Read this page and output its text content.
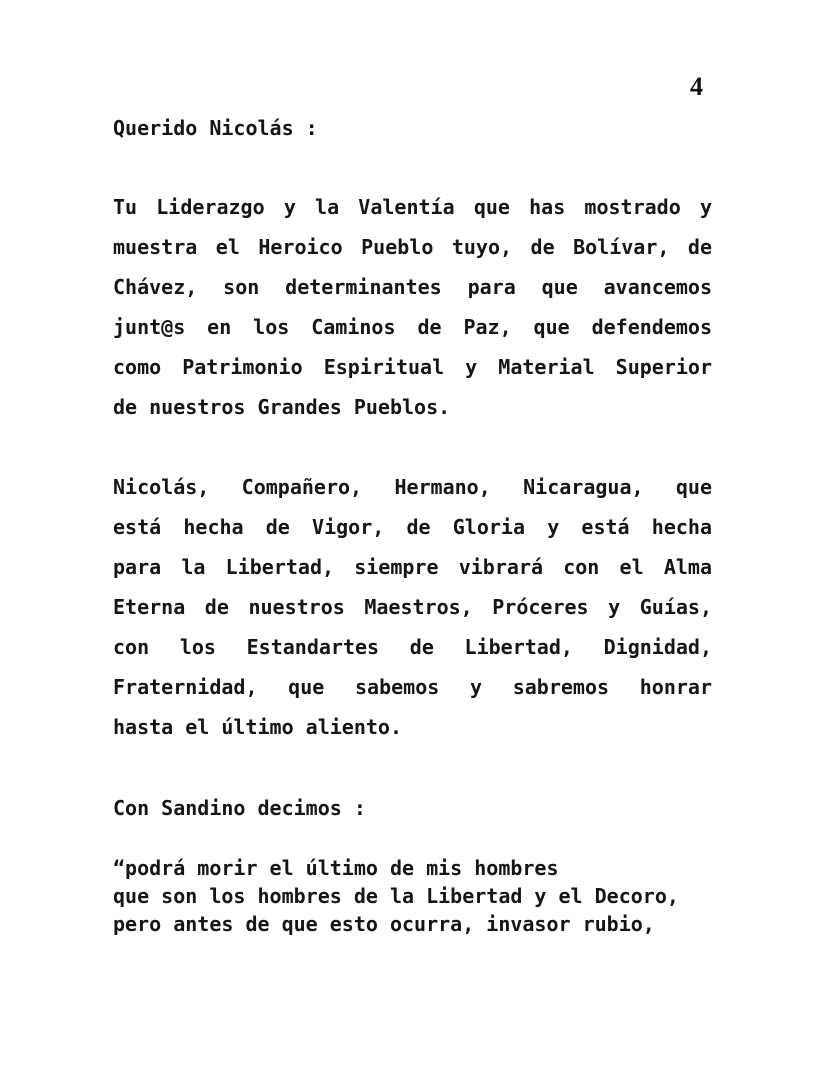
4
Querido Nicolás :
Tu Liderazgo y la Valentía que has mostrado y
muestra el Heroico Pueblo tuyo, de Bolívar, de
Chávez, son determinantes para que avancemos
junt@s en los Caminos de Paz, que defendemos
como Patrimonio Espiritual y Material Superior
de nuestros Grandes Pueblos.
Nicolás, Compañero, Hermano, Nicaragua, que
está hecha de Vigor, de Gloria y está hecha
para la Libertad, siempre vibrará con el Alma
Eterna de nuestros Maestros, Próceres y Guías,
con los Estandartes de Libertad, Dignidad,
Fraternidad, que sabemos y sabremos honrar
hasta el último aliento.
Con Sandino decimos :
“podrá morir el último de mis hombres
que son los hombres de la Libertad y el Decoro,
pero antes de que esto ocurra, invasor rubio,
